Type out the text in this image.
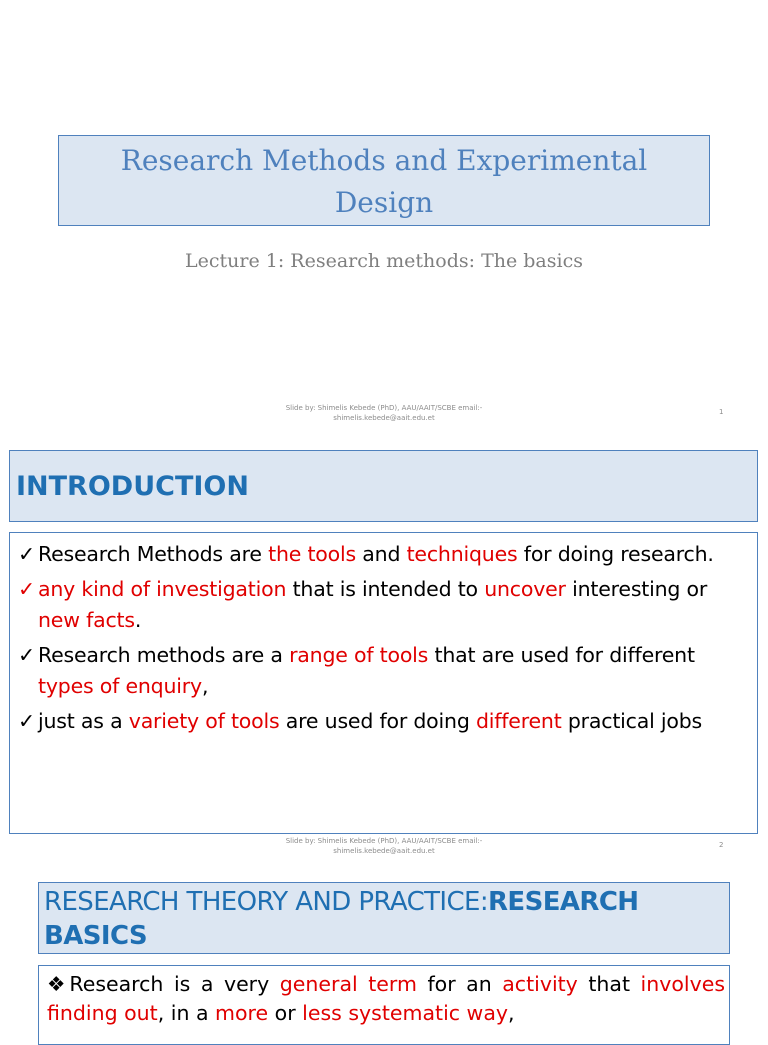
Research Methods and Experimental
Design
Lecture 1: Research methods: The basics
Slide by: Shimelis Kebede (PhD), AAU/AAIT/SCBE email:-
shimelis.kebede@aait.edu.et
1
INTRODUCTION
✓ Research Methods are the tools and techniques for doing research.
✓ any kind of investigation that is intended to uncover interesting or new facts.
✓ Research methods are a range of tools that are used for different types of enquiry,
✓ just as a variety of tools are used for doing different practical jobs
Slide by: Shimelis Kebede (PhD), AAU/AAIT/SCBE email:-
shimelis.kebede@aait.edu.et
2
RESEARCH THEORY AND PRACTICE:RESEARCH BASICS
❖Research is a very general term for an activity that involves finding out, in a more or less systematic way,
